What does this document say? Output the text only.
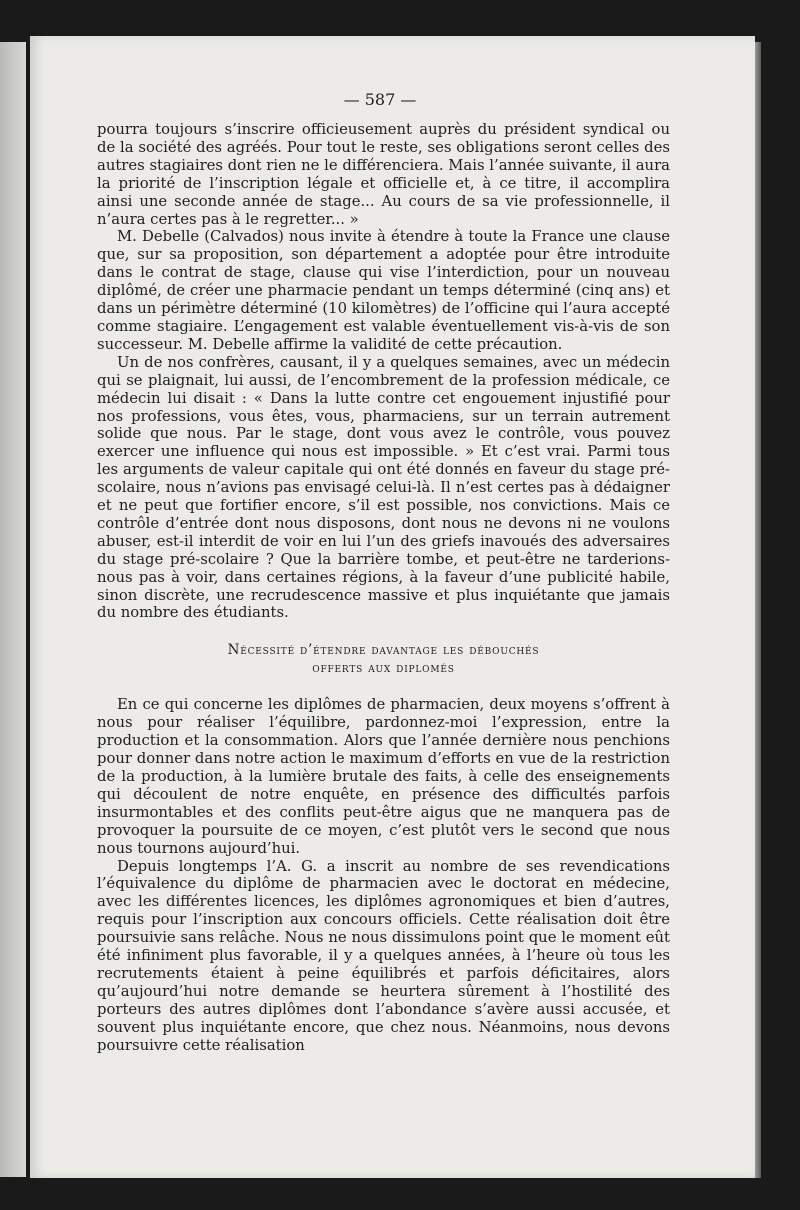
— 587 —

pourra toujours s’inscrire officieusement auprès du président syndical ou de la société des agréés. Pour tout le reste, ses obligations seront celles des autres stagiaires dont rien ne le différenciera. Mais l’année suivante, il aura la priorité de l’inscription légale et officielle et, à ce titre, il accomplira ainsi une seconde année de stage... Au cours de sa vie professionnelle, il n’aura certes pas à le regretter... »

M. Debelle (Calvados) nous invite à étendre à toute la France une clause que, sur sa proposition, son département a adoptée pour être introduite dans le contrat de stage, clause qui vise l’interdiction, pour un nouveau diplômé, de créer une pharmacie pendant un temps déterminé (cinq ans) et dans un périmètre déterminé (10 kilomètres) de l’officine qui l’aura accepté comme stagiaire. L’engagement est valable éventuellement vis-à-vis de son successeur. M. Debelle affirme la validité de cette précaution.

Un de nos confrères, causant, il y a quelques semaines, avec un médecin qui se plaignait, lui aussi, de l’encombrement de la profession médicale, ce médecin lui disait : « Dans la lutte contre cet engouement injustifié pour nos professions, vous êtes, vous, pharmaciens, sur un terrain autrement solide que nous. Par le stage, dont vous avez le contrôle, vous pouvez exercer une influence qui nous est impossible. » Et c’est vrai. Parmi tous les arguments de valeur capitale qui ont été donnés en faveur du stage pré-scolaire, nous n’avions pas envisagé celui-là. Il n’est certes pas à dédaigner et ne peut que fortifier encore, s’il est possible, nos convictions. Mais ce contrôle d’entrée dont nous disposons, dont nous ne devons ni ne voulons abuser, est-il interdit de voir en lui l’un des griefs inavoués des adversaires du stage pré-scolaire ? Que la barrière tombe, et peut-être ne tarderions-nous pas à voir, dans certaines régions, à la faveur d’une publicité habile, sinon discrète, une recrudescence massive et plus inquiétante que jamais du nombre des étudiants.

Nécessité d’étendre davantage les débouchés
offerts aux diplomés

En ce qui concerne les diplômes de pharmacien, deux moyens s’offrent à nous pour réaliser l’équilibre, pardonnez-moi l’expression, entre la production et la consommation. Alors que l’année dernière nous penchions pour donner dans notre action le maximum d’efforts en vue de la restriction de la production, à la lumière brutale des faits, à celle des enseignements qui découlent de notre enquête, en présence des difficultés parfois insurmontables et des conflits peut-être aigus que ne manquera pas de provoquer la poursuite de ce moyen, c’est plutôt vers le second que nous nous tournons aujourd’hui.

Depuis longtemps l’A. G. a inscrit au nombre de ses revendications l’équivalence du diplôme de pharmacien avec le doctorat en médecine, avec les différentes licences, les diplômes agronomiques et bien d’autres, requis pour l’inscription aux concours officiels. Cette réalisation doit être poursuivie sans relâche. Nous ne nous dissimulons point que le moment eût été infiniment plus favorable, il y a quelques années, à l’heure où tous les recrutements étaient à peine équilibrés et parfois déficitaires, alors qu’aujourd’hui notre demande se heurtera sûrement à l’hostilité des porteurs des autres diplômes dont l’abondance s’avère aussi accusée, et souvent plus inquiétante encore, que chez nous. Néanmoins, nous devons poursuivre cette réalisation
